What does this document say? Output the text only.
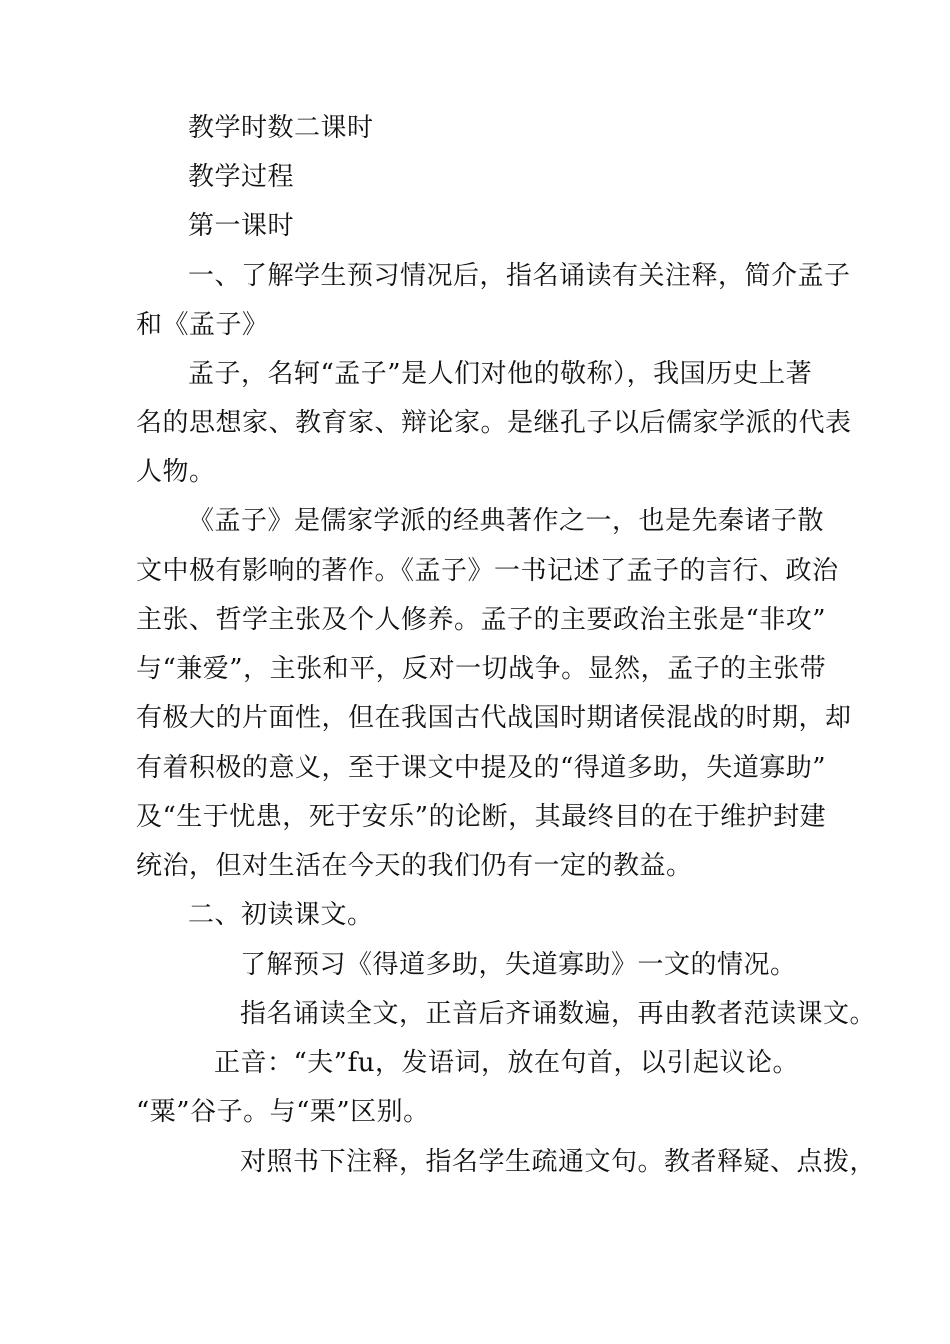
教学时数二课时
教学过程
第一课时
一、了解学生预习情况后，指名诵读有关注释，简介孟子
和《孟子》
孟子，名轲“孟子”是人们对他的敬称），我国历史上著
名的思想家、教育家、辩论家。是继孔子以后儒家学派的代表
人物。
《孟子》是儒家学派的经典著作之一，也是先秦诸子散
文中极有影响的著作。《孟子》一书记述了孟子的言行、政治
主张、哲学主张及个人修养。孟子的主要政治主张是“非攻”
与“兼爱”，主张和平，反对一切战争。显然，孟子的主张带
有极大的片面性，但在我国古代战国时期诸侯混战的时期，却
有着积极的意义，至于课文中提及的“得道多助，失道寡助”
及“生于忧患，死于安乐”的论断，其最终目的在于维护封建
统治，但对生活在今天的我们仍有一定的教益。
二、初读课文。
了解预习《得道多助，失道寡助》一文的情况。
指名诵读全文，正音后齐诵数遍，再由教者范读课文。
正音：“夫”fu，发语词，放在句首，以引起议论。
“粟”谷子。与“栗”区别。
对照书下注释，指名学生疏通文句。教者释疑、点拨，
